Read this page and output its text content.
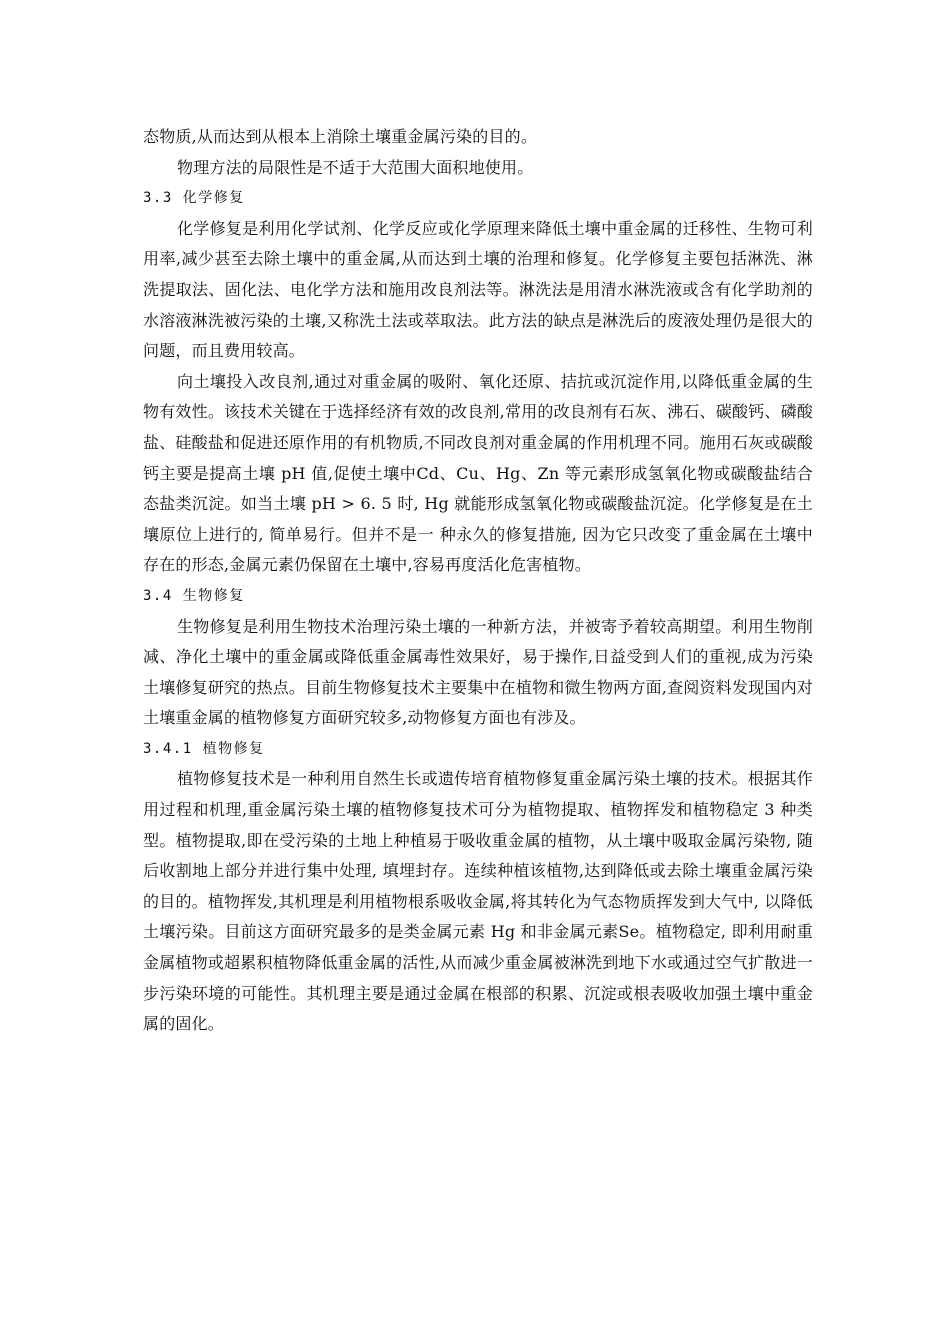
态物质,从而达到从根本上消除土壤重金属污染的目的。

物理方法的局限性是不适于大范围大面积地使用。

3.3 化学修复

化学修复是利用化学试剂、化学反应或化学原理来降低土壤中重金属的迁移性、生物可利用率,减少甚至去除土壤中的重金属,从而达到土壤的治理和修复。化学修复主要包括淋洗、淋洗提取法、固化法、电化学方法和施用改良剂法等。淋洗法是用清水淋洗液或含有化学助剂的水溶液淋洗被污染的土壤,又称洗土法或萃取法。此方法的缺点是淋洗后的废液处理仍是很大的问题，而且费用较高。

向土壤投入改良剂,通过对重金属的吸附、氧化还原、拮抗或沉淀作用,以降低重金属的生物有效性。该技术关键在于选择经济有效的改良剂,常用的改良剂有石灰、沸石、碳酸钙、磷酸盐、硅酸盐和促进还原作用的有机物质,不同改良剂对重金属的作用机理不同。施用石灰或碳酸钙主要是提高土壤 pH 值,促使土壤中Cd、Cu、Hg、Zn 等元素形成氢氧化物或碳酸盐结合态盐类沉淀。如当土壤 pH > 6. 5 时, Hg 就能形成氢氧化物或碳酸盐沉淀。化学修复是在土壤原位上进行的, 简单易行。但并不是一 种永久的修复措施, 因为它只改变了重金属在土壤中存在的形态,金属元素仍保留在土壤中,容易再度活化危害植物。

3.4 生物修复

生物修复是利用生物技术治理污染土壤的一种新方法，并被寄予着较高期望。利用生物削减、净化土壤中的重金属或降低重金属毒性效果好，易于操作,日益受到人们的重视,成为污染土壤修复研究的热点。目前生物修复技术主要集中在植物和微生物两方面,查阅资料发现国内对土壤重金属的植物修复方面研究较多,动物修复方面也有涉及。

3.4.1 植物修复

植物修复技术是一种利用自然生长或遗传培育植物修复重金属污染土壤的技术。根据其作用过程和机理,重金属污染土壤的植物修复技术可分为植物提取、植物挥发和植物稳定 3 种类型。植物提取,即在受污染的土地上种植易于吸收重金属的植物，从土壤中吸取金属污染物, 随后收割地上部分并进行集中处理, 填埋封存。连续种植该植物,达到降低或去除土壤重金属污染的目的。植物挥发,其机理是利用植物根系吸收金属,将其转化为气态物质挥发到大气中, 以降低土壤污染。目前这方面研究最多的是类金属元素 Hg 和非金属元素Se。植物稳定, 即利用耐重金属植物或超累积植物降低重金属的活性,从而减少重金属被淋洗到地下水或通过空气扩散进一步污染环境的可能性。其机理主要是通过金属在根部的积累、沉淀或根表吸收加强土壤中重金属的固化。
